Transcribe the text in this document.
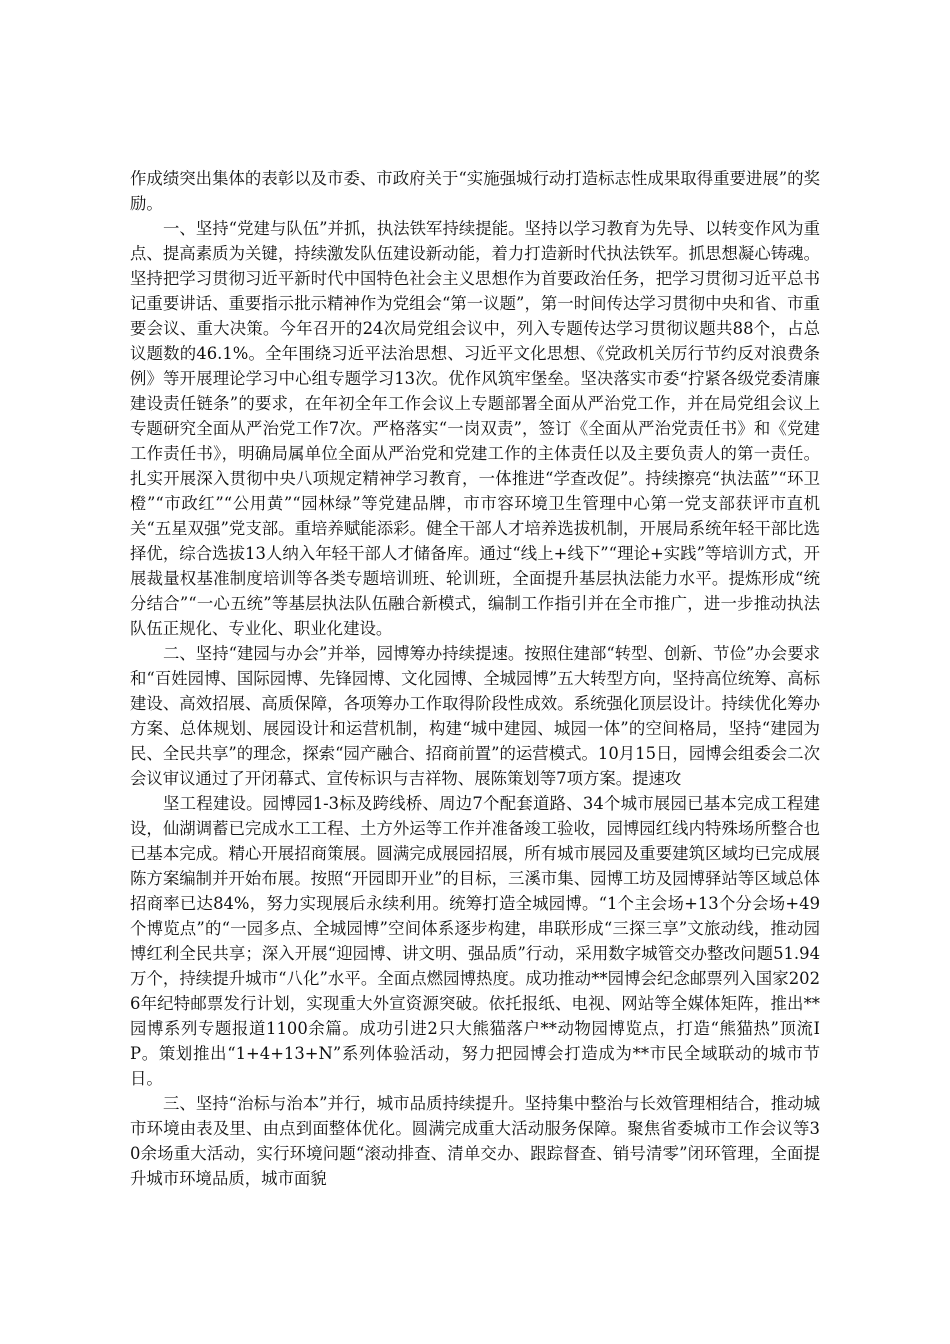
作成绩突出集体的表彰以及市委、市政府关于“实施强城行动打造标志性成果取得重要进展”的奖励。

一、坚持“党建与队伍”并抓，执法铁军持续提能。坚持以学习教育为先导、以转变作风为重点、提高素质为关键，持续激发队伍建设新动能，着力打造新时代执法铁军。抓思想凝心铸魂。坚持把学习贯彻习近平新时代中国特色社会主义思想作为首要政治任务，把学习贯彻习近平总书记重要讲话、重要指示批示精神作为党组会“第一议题”，第一时间传达学习贯彻中央和省、市重要会议、重大决策。今年召开的24次局党组会议中，列入专题传达学习贯彻议题共88个，占总议题数的46.1%。全年围绕习近平法治思想、习近平文化思想、《党政机关厉行节约反对浪费条例》等开展理论学习中心组专题学习13次。优作风筑牢堡垒。坚决落实市委“拧紧各级党委清廉建设责任链条”的要求，在年初全年工作会议上专题部署全面从严治党工作，并在局党组会议上专题研究全面从严治党工作7次。严格落实“一岗双责”，签订《全面从严治党责任书》和《党建工作责任书》，明确局属单位全面从严治党和党建工作的主体责任以及主要负责人的第一责任。扎实开展深入贯彻中央八项规定精神学习教育，一体推进“学查改促”。持续擦亮“执法蓝”“环卫橙”“市政红”“公用黄”“园林绿”等党建品牌，市市容环境卫生管理中心第一党支部获评市直机关“五星双强”党支部。重培养赋能添彩。健全干部人才培养选拔机制，开展局系统年轻干部比选择优，综合选拔13人纳入年轻干部人才储备库。通过“线上+线下”“理论+实践”等培训方式，开展裁量权基准制度培训等各类专题培训班、轮训班，全面提升基层执法能力水平。提炼形成“统分结合”“一心五统”等基层执法队伍融合新模式，编制工作指引并在全市推广，进一步推动执法队伍正规化、专业化、职业化建设。

二、坚持“建园与办会”并举，园博筹办持续提速。按照住建部“转型、创新、节俭”办会要求和“百姓园博、国际园博、先锋园博、文化园博、全城园博”五大转型方向，坚持高位统筹、高标建设、高效招展、高质保障，各项筹办工作取得阶段性成效。系统强化顶层设计。持续优化筹办方案、总体规划、展园设计和运营机制，构建“城中建园、城园一体”的空间格局，坚持“建园为民、全民共享”的理念，探索“园产融合、招商前置”的运营模式。10月15日，园博会组委会二次会议审议通过了开闭幕式、宣传标识与吉祥物、展陈策划等7项方案。提速攻

坚工程建设。园博园1-3标及跨线桥、周边7个配套道路、34个城市展园已基本完成工程建设，仙湖调蓄已完成水工工程、土方外运等工作并准备竣工验收，园博园红线内特殊场所整合也已基本完成。精心开展招商策展。圆满完成展园招展，所有城市展园及重要建筑区域均已完成展陈方案编制并开始布展。按照“开园即开业”的目标，三溪市集、园博工坊及园博驿站等区域总体招商率已达84%，努力实现展后永续利用。统筹打造全城园博。“1个主会场+13个分会场+49个博览点”的“一园多点、全城园博”空间体系逐步构建，串联形成“三探三享”文旅动线，推动园博红利全民共享；深入开展“迎园博、讲文明、强品质”行动，采用数字城管交办整改问题51.94万个，持续提升城市“八化”水平。全面点燃园博热度。成功推动**园博会纪念邮票列入国家2026年纪特邮票发行计划，实现重大外宣资源突破。依托报纸、电视、网站等全媒体矩阵，推出**园博系列专题报道1100余篇。成功引进2只大熊猫落户**动物园博览点，打造“熊猫热”顶流IP。策划推出“1+4+13+N”系列体验活动，努力把园博会打造成为**市民全域联动的城市节日。

三、坚持“治标与治本”并行，城市品质持续提升。坚持集中整治与长效管理相结合，推动城市环境由表及里、由点到面整体优化。圆满完成重大活动服务保障。聚焦省委城市工作会议等30余场重大活动，实行环境问题“滚动排查、清单交办、跟踪督查、销号清零”闭环管理，全面提升城市环境品质，城市面貌
